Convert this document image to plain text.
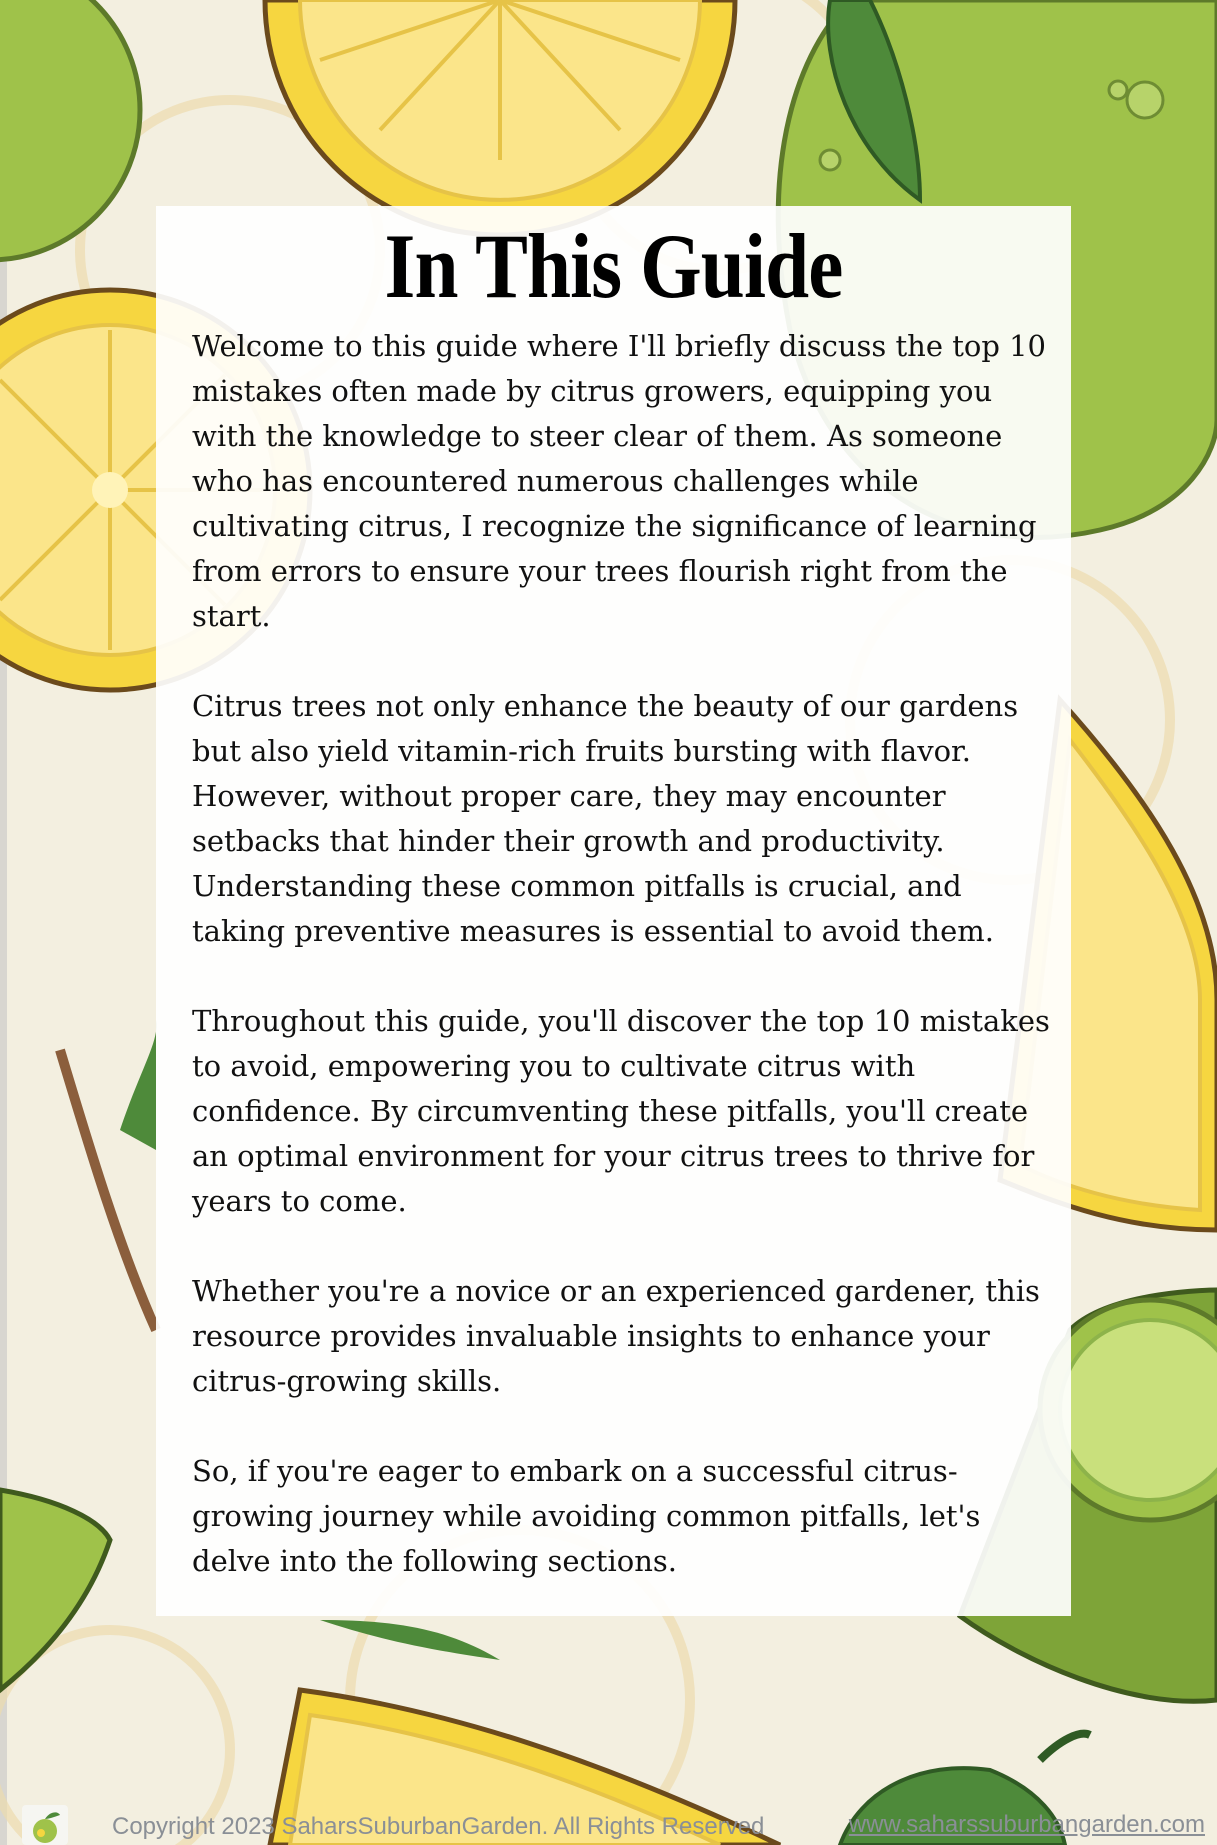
In This Guide

Welcome to this guide where I'll briefly discuss the top 10 mistakes often made by citrus growers, equipping you with the knowledge to steer clear of them. As someone who has encountered numerous challenges while cultivating citrus, I recognize the significance of learning from errors to ensure your trees flourish right from the start.

Citrus trees not only enhance the beauty of our gardens but also yield vitamin-rich fruits bursting with flavor. However, without proper care, they may encounter setbacks that hinder their growth and productivity. Understanding these common pitfalls is crucial, and taking preventive measures is essential to avoid them.

Throughout this guide, you'll discover the top 10 mistakes to avoid, empowering you to cultivate citrus with confidence. By circumventing these pitfalls, you'll create an optimal environment for your citrus trees to thrive for years to come.

Whether you're a novice or an experienced gardener, this resource provides invaluable insights to enhance your citrus-growing skills.

So, if you're eager to embark on a successful citrus-growing journey while avoiding common pitfalls, let's delve into the following sections.

Copyright 2023 SaharsSuburbanGarden. All Rights Reserved	www.saharssuburbangarden.com
